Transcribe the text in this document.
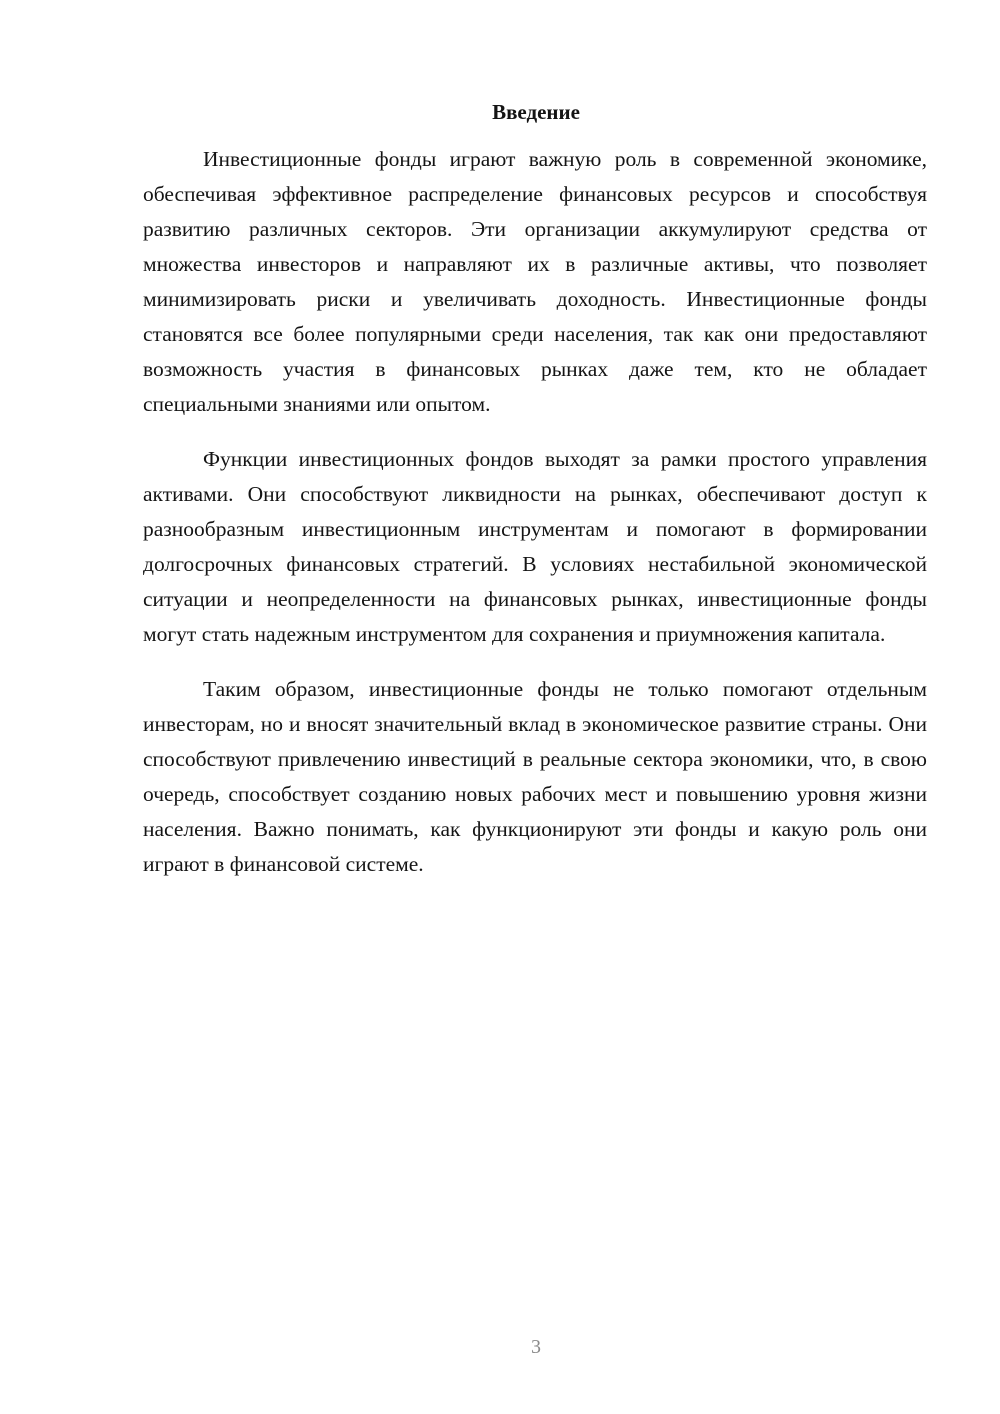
Введение

Инвестиционные фонды играют важную роль в современной экономике, обеспечивая эффективное распределение финансовых ресурсов и способствуя развитию различных секторов. Эти организации аккумулируют средства от множества инвесторов и направляют их в различные активы, что позволяет минимизировать риски и увеличивать доходность. Инвестиционные фонды становятся все более популярными среди населения, так как они предоставляют возможность участия в финансовых рынках даже тем, кто не обладает специальными знаниями или опытом.

Функции инвестиционных фондов выходят за рамки простого управления активами. Они способствуют ликвидности на рынках, обеспечивают доступ к разнообразным инвестиционным инструментам и помогают в формировании долгосрочных финансовых стратегий. В условиях нестабильной экономической ситуации и неопределенности на финансовых рынках, инвестиционные фонды могут стать надежным инструментом для сохранения и приумножения капитала.

Таким образом, инвестиционные фонды не только помогают отдельным инвесторам, но и вносят значительный вклад в экономическое развитие страны. Они способствуют привлечению инвестиций в реальные сектора экономики, что, в свою очередь, способствует созданию новых рабочих мест и повышению уровня жизни населения. Важно понимать, как функционируют эти фонды и какую роль они играют в финансовой системе.

3
